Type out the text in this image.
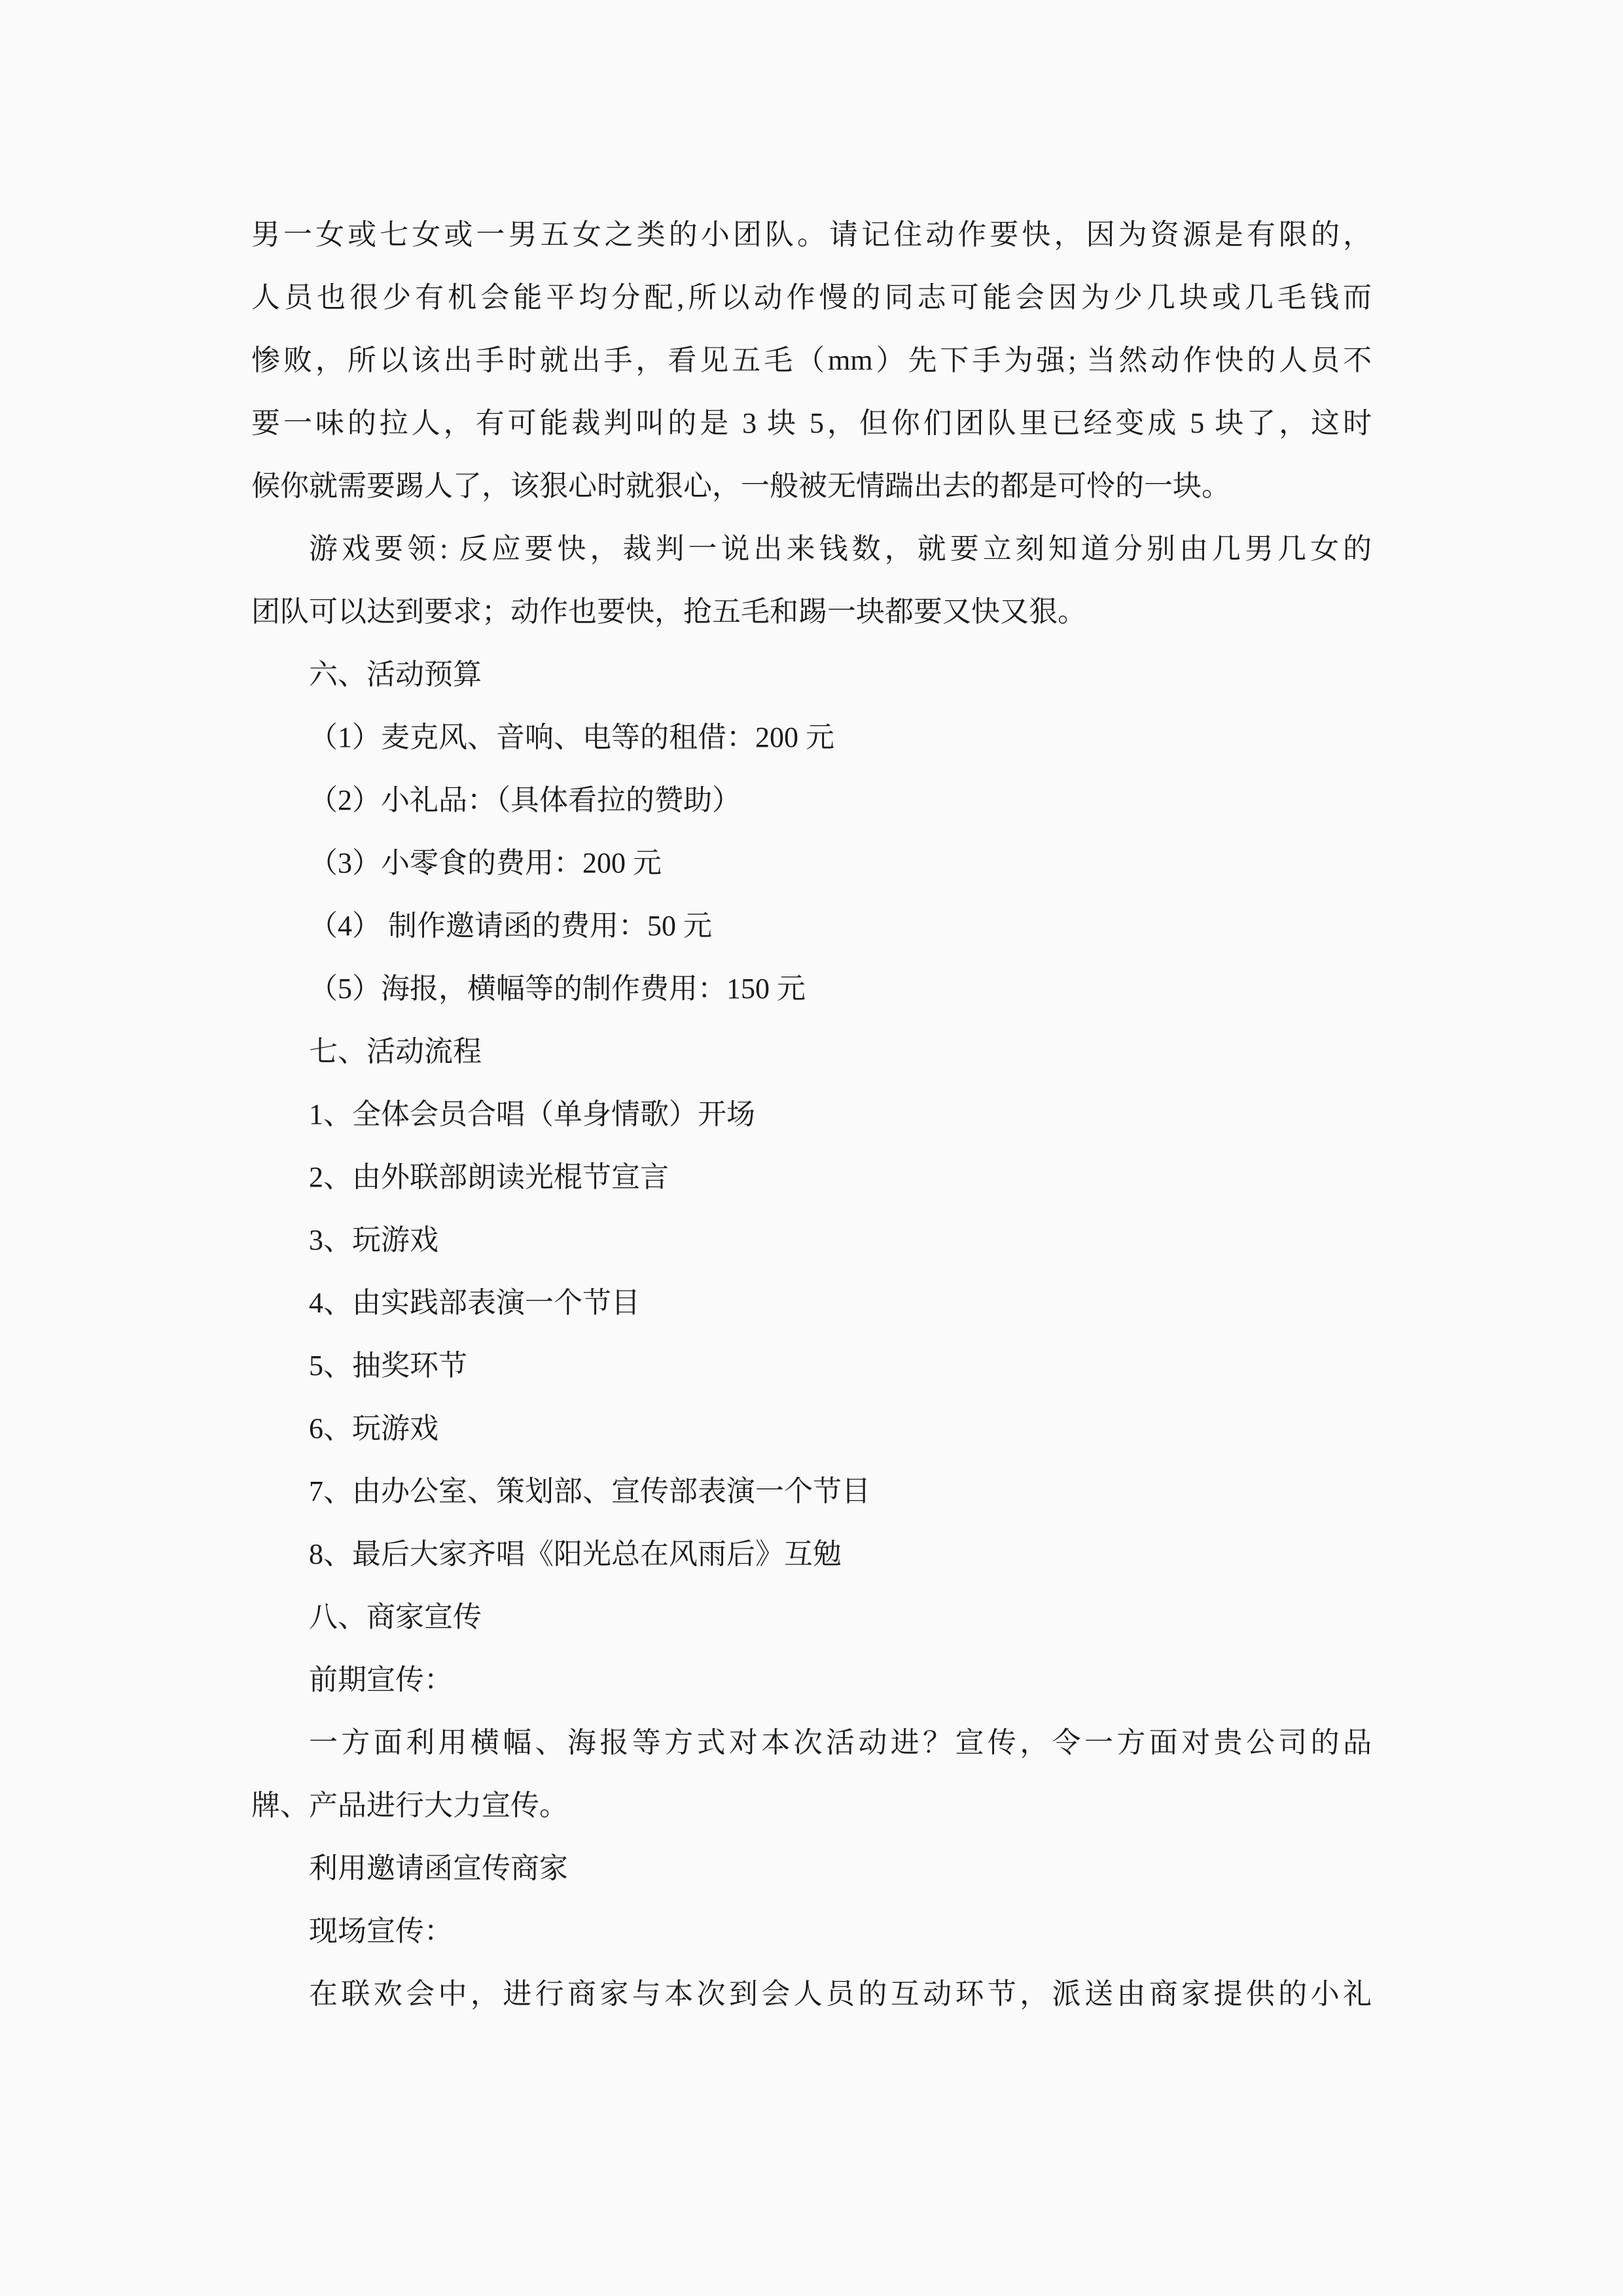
男一女或七女或一男五女之类的小团队。请记住动作要快，因为资源是有限的，
人员也很少有机会能平均分配,所以动作慢的同志可能会因为少几块或几毛钱而
惨败，所以该出手时就出手，看见五毛（mm）先下手为强; 当然动作快的人员不
要一味的拉人，有可能裁判叫的是 3 块 5，但你们团队里已经变成 5 块了，这时
候你就需要踢人了，该狠心时就狠心，一般被无情踹出去的都是可怜的一块。
游戏要领: 反应要快，裁判一说出来钱数，就要立刻知道分别由几男几女的
团队可以达到要求；动作也要快，抢五毛和踢一块都要又快又狠。
六、活动预算
（1）麦克风、音响、电等的租借：200 元
（2）小礼品：（具体看拉的赞助）
（3）小零食的费用：200 元
（4） 制作邀请函的费用：50 元
（5）海报，横幅等的制作费用：150 元
七、活动流程
1、全体会员合唱（单身情歌）开场
2、由外联部朗读光棍节宣言
3、玩游戏
4、由实践部表演一个节目
5、抽奖环节
6、玩游戏
7、由办公室、策划部、宣传部表演一个节目
8、最后大家齐唱《阳光总在风雨后》互勉
八、商家宣传
前期宣传：
一方面利用横幅、海报等方式对本次活动进？宣传，令一方面对贵公司的品
牌、产品进行大力宣传。
利用邀请函宣传商家
现场宣传：
在联欢会中，进行商家与本次到会人员的互动环节，派送由商家提供的小礼
